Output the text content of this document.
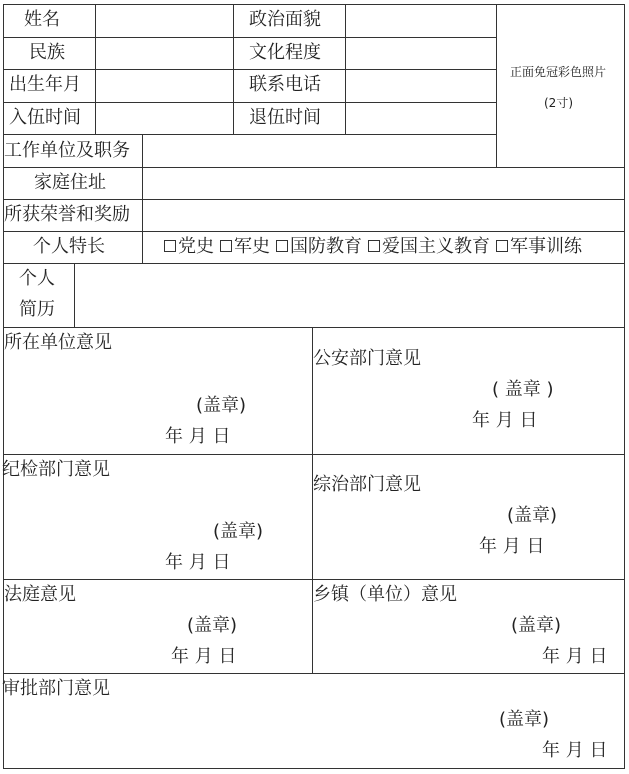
姓名	政治面貌
民族	文化程度
出生年月	联系电话
入伍时间	退伍时间
正面免冠彩色照片
(2寸)
工作单位及职务
家庭住址
所获荣誉和奖励
个人特长	党史 军史 国防教育 爱国主义教育 军事训练
个人
简历
所在单位意见
(盖章)
年 月 日
公安部门意见
( 盖章 )
年 月 日
纪检部门意见
(盖章)
年 月 日
综治部门意见
(盖章)
年 月 日
法庭意见
(盖章)
年 月 日
乡镇（单位）意见
(盖章)
年 月 日
审批部门意见
(盖章)
年 月 日
